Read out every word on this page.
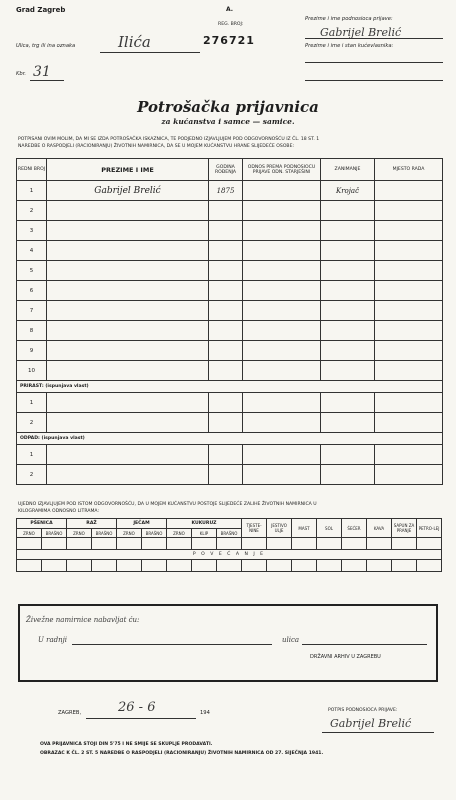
Grad Zagreb	A.
REG. BROJ:
276721
Ulica, trg ili ina oznaka	Ilića
Kbr. 31
Prezime i ime podnosioca prijave:
Gabrijel Brelić
Prezime i ime i stan kućevlasnika:
Potrošačka prijavnica
za kućanstva i samce — samice.
POTPISANI OVIM MOLIM, DA MI SE IZDA POTROŠAČKA ISKAZNICA, TE PODJEDNO IZJAVLJUJEM POD ODGOVORNOŠĆU IZ ČL. 18 ST. 1
NAREDBE O RASPODJELI (RACIONIRANJU) ŽIVOTNIH NAMIRNICA, DA SE U MOJEM KUĆANSTVU HRANE SLIJEDEĆE OSOBE:
REDNI BROJ	PREZIME I IME	GODINA ROĐENJA	ODNOS PREMA PODNOSIOCU PRIJAVE ODN. STARJEŠINI	ZANIMANJE	MJESTO RADA
1	Gabrijel Brelić	1875		Krojač	
2					
3					
4					
5					
6					
7					
8					
9					
10					
PRIRAST: (ispunjava vlast)					
1					
2					
ODPAD: (ispunjava vlast)					
1					
2					
UJEDNO IZJAVLJUJEM POD ISTOM ODGOVORNOŠĆU, DA U MOJEM KUĆANSTVU POSTOJE SLIJEDEĆE ZALIHE ŽIVOTNIH NAMIRNICA U
KILOGRAMIMA ODNOSNO LITRAMA:
PŠENICA		RAŽ		JEČAM		KUKURUZ			TJESTE-NINE	JESTIVO ULJE	MAST	SOL	ŠEĆER	KAVA	SAPUN ZA PRANJE	PETRO-LEJ
ZRNO	BRAŠNO	ZRNO	BRAŠNO	ZRNO	BRAŠNO	ZRNO	KLIP	BRAŠNO								

P O V E Ć A N J E																

Živežne namirnice nabavljat ću:
U radnji	ulica
DRŽAVNI ARHIV U ZAGREBU
ZAGREB,	26 - 6	194	POTPIS PODNOSIOCA PRIJAVE:
Gabrijel Brelić
OVA PRIJAVNICA STOJI DIN 5'75 I NE SMIJE SE SKUPLJE PRODAVATI.
OBRAZAC K ČL. 2 ST. 5 NAREDBE O RASPODJELI (RACIONIRANJU) ŽIVOTNIH NAMIRNICA OD 27. SIJEČNJA 1941.
